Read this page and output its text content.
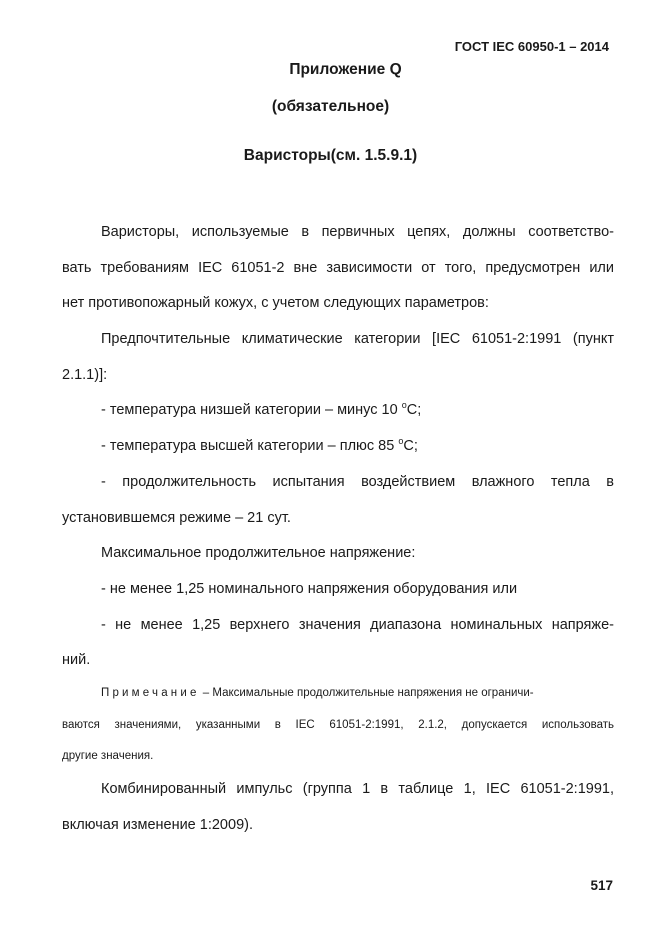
ГОСТ IEC 60950-1 – 2014
Приложение Q
(обязательное)
Варисторы(см. 1.5.9.1)
Варисторы, используемые в первичных цепях, должны соответство-
вать требованиям IEC 61051-2 вне зависимости от того, предусмотрен или
нет противопожарный кожух, с учетом следующих параметров:
Предпочтительные климатические категории [IEC 61051-2:1991 (пункт
2.1.1)]:
- температура низшей категории – минус 10 $^o$C;
- температура высшей категории – плюс 85 $^o$C;
- продолжительность испытания воздействием влажного тепла в
установившемся режиме – 21 сут.
Максимальное продолжительное напряжение:
- не менее 1,25 номинального напряжения оборудования или
- не менее 1,25 верхнего значения диапазона номинальных напряже-
ний.
Примечание – Максимальные продолжительные напряжения не ограничи-
ваются значениями, указанными в IEC 61051-2:1991, 2.1.2, допускается использовать
другие значения.
Комбинированный импульс (группа 1 в таблице 1, IEC 61051-2:1991,
включая изменение 1:2009).
517
